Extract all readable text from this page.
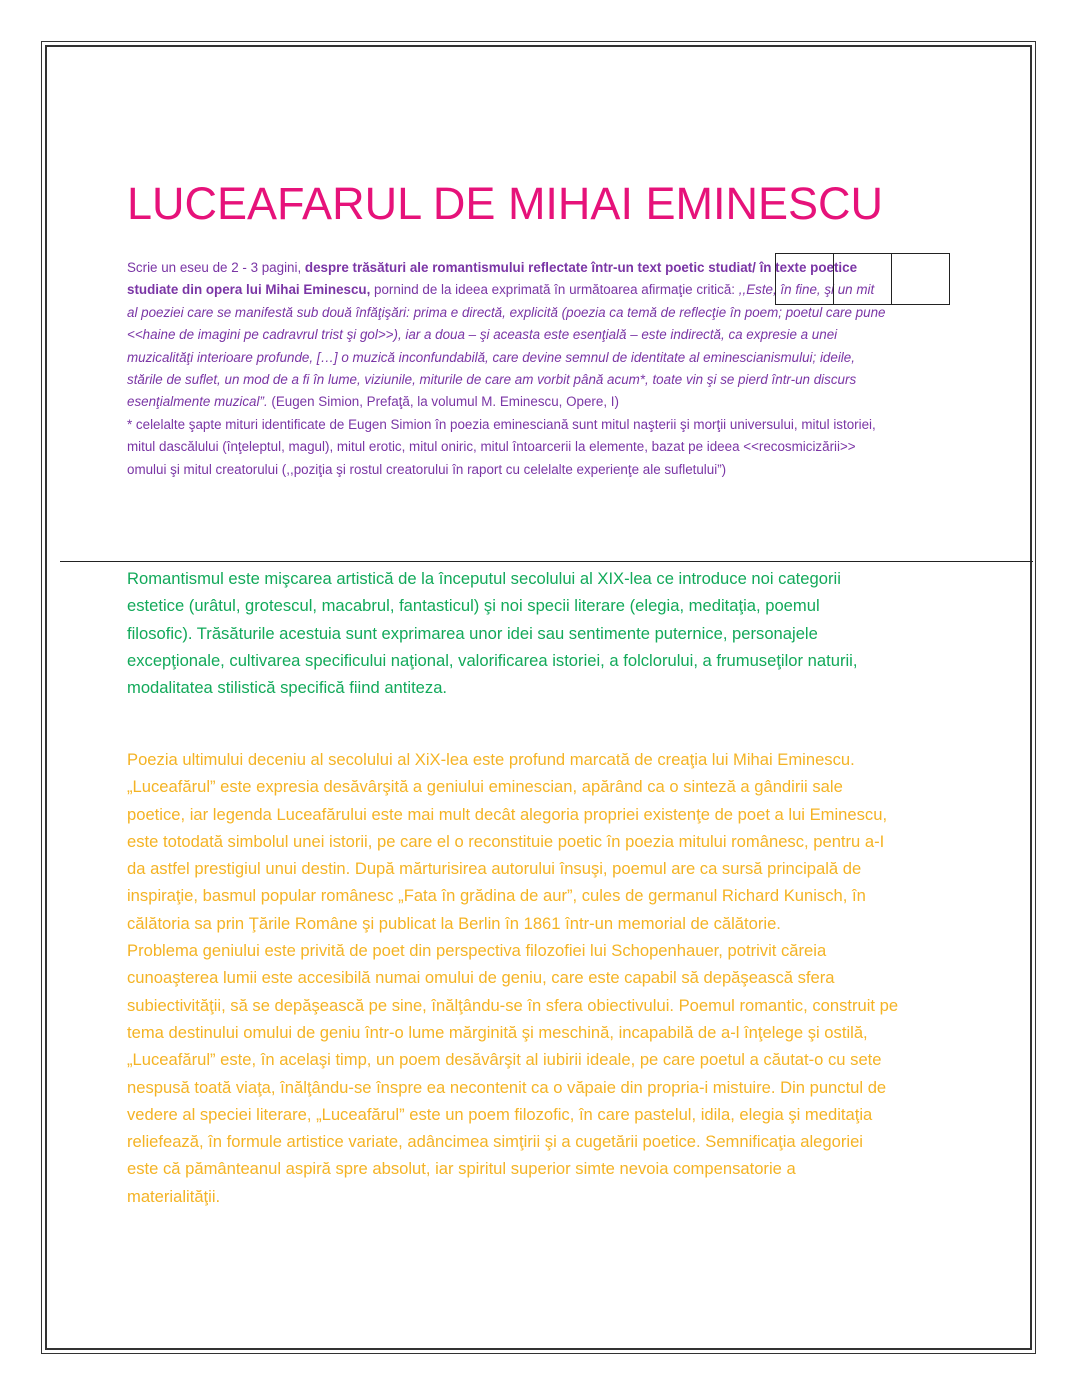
LUCEAFARUL DE MIHAI EMINESCU

Scrie un eseu de 2 - 3 pagini, despre trăsături ale romantismului reflectate într-un text poetic studiat/ în texte poetice studiate din opera lui Mihai Eminescu, pornind de la ideea exprimată în următoarea afirmaţie critică: ,,Este, în fine, şi un mit al poeziei care se manifestă sub două înfăţişări: prima e directă, explicită (poezia ca temă de reflecţie în poem; poetul care pune <<haine de imagini pe cadravrul trist şi gol>>), iar a doua – şi aceasta este esenţială – este indirectă, ca expresie a unei muzicalităţi interioare profunde, […] o muzică inconfundabilă, care devine semnul de identitate al eminescianismului; ideile, stările de suflet, un mod de a fi în lume, viziunile, miturile de care am vorbit până acum*, toate vin şi se pierd într-un discurs esenţialmente muzical”. (Eugen Simion, Prefaţă, la volumul M. Eminescu, Opere, I)

* celelalte şapte mituri identificate de Eugen Simion în poezia eminesciană sunt mitul naşterii şi morţii universului, mitul istoriei, mitul dascălului (înţeleptul, magul), mitul erotic, mitul oniric, mitul întoarcerii la elemente, bazat pe ideea <<recosmicizării>> omului şi mitul creatorului (,,poziţia şi rostul creatorului în raport cu celelalte experienţe ale sufletului”)

Romantismul este mişcarea artistică de la începutul secolului al XIX-lea ce introduce noi categorii
estetice (urâtul, grotescul, macabrul, fantasticul) şi noi specii literare (elegia, meditaţia, poemul
filosofic). Trăsăturile acestuia sunt exprimarea unor idei sau sentimente puternice, personajele
excepţionale, cultivarea specificului naţional, valorificarea istoriei, a folclorului, a frumuseţilor naturii,
modalitatea stilistică specifică fiind antiteza.

Poezia ultimului deceniu al secolului al XiX-lea este profund marcată de creaţia lui Mihai Eminescu.
„Luceafărul” este expresia desăvârşită a geniului eminescian, apărând ca o sinteză a gândirii sale
poetice, iar legenda Luceafărului este mai mult decât alegoria propriei existenţe de poet a lui Eminescu,
este totodată simbolul unei istorii, pe care el o reconstituie poetic în poezia mitului românesc, pentru a-I
da astfel prestigiul unui destin. După mărturisirea autorului însuşi, poemul are ca sursă principală de
inspiraţie, basmul popular românesc „Fata în grădina de aur”, cules de germanul Richard Kunisch, în
călătoria sa prin Ţările Române şi publicat la Berlin în 1861 într-un memorial de călătorie.
Problema geniului este privită de poet din perspectiva filozofiei lui Schopenhauer, potrivit căreia
cunoaşterea lumii este accesibilă numai omului de geniu, care este capabil să depăşească sfera
subiectivităţii, să se depăşească pe sine, înălţându-se în sfera obiectivului. Poemul romantic, construit pe
tema destinului omului de geniu într-o lume mărginită şi meschină, incapabilă de a-l înţelege şi ostilă,
„Luceafărul” este, în acelaşi timp, un poem desăvârşit al iubirii ideale, pe care poetul a căutat-o cu sete
nespusă toată viaţa, înălţându-se înspre ea necontenit ca o văpaie din propria-i mistuire. Din punctul de
vedere al speciei literare, „Luceafărul” este un poem filozofic, în care pastelul, idila, elegia şi meditaţia
reliefează, în formule artistice variate, adâncimea simţirii şi a cugetării poetice. Semnificaţia alegoriei
este că pământeanul aspiră spre absolut, iar spiritul superior simte nevoia compensatorie a
materialităţii.
